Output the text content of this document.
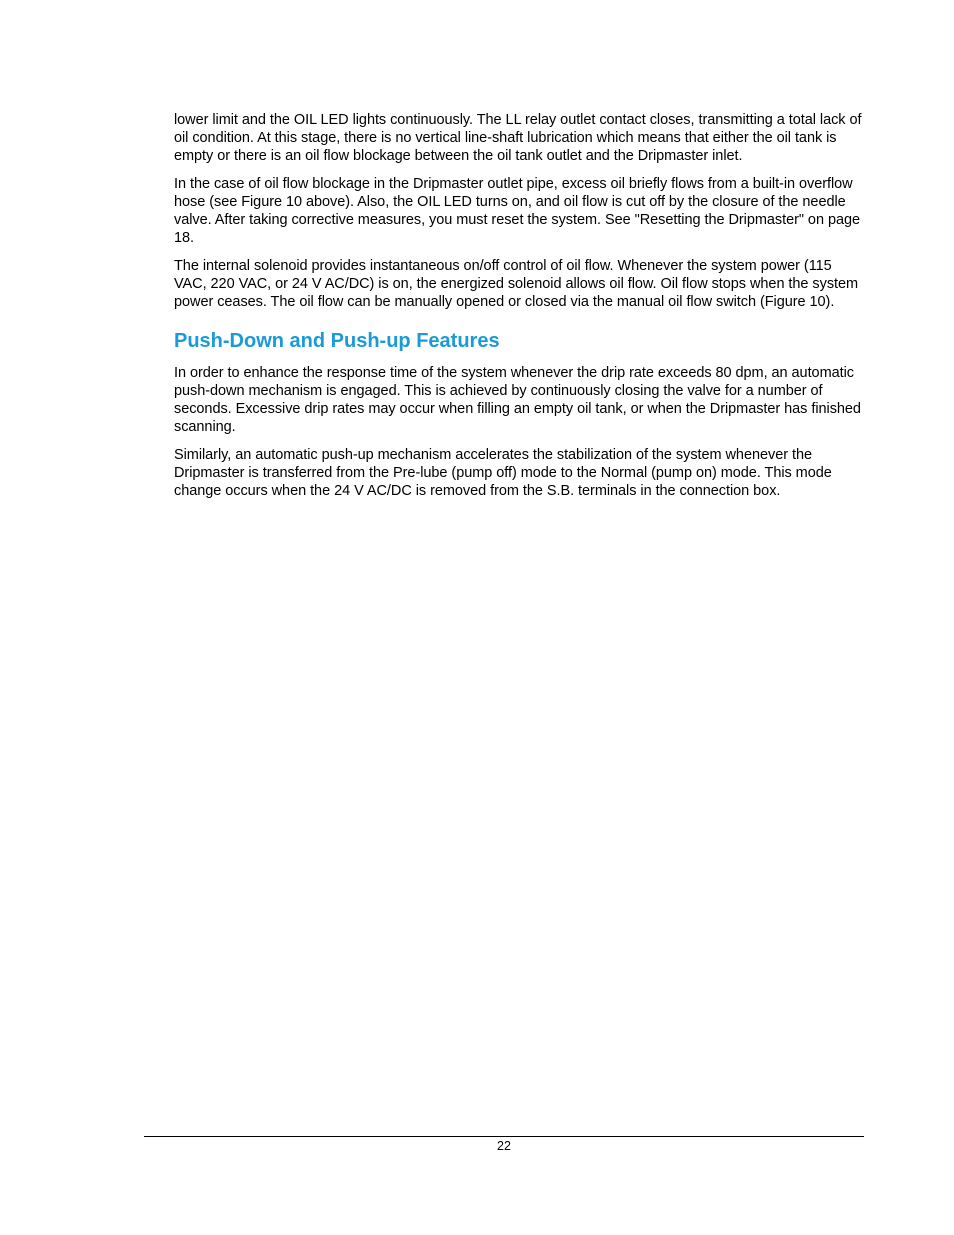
lower limit and the OIL LED lights continuously. The LL relay outlet contact closes, transmitting a total lack of oil condition. At this stage, there is no vertical line-shaft lubrication which means that either the oil tank is empty or there is an oil flow blockage between the oil tank outlet and the Dripmaster inlet.

In the case of oil flow blockage in the Dripmaster outlet pipe, excess oil briefly flows from a built-in overflow hose (see Figure 10 above). Also, the OIL LED turns on, and oil flow is cut off by the closure of the needle valve. After taking corrective measures, you must reset the system. See "Resetting the Dripmaster" on page 18.

The internal solenoid provides instantaneous on/off control of oil flow. Whenever the system power (115 VAC, 220 VAC, or 24 V AC/DC) is on, the energized solenoid allows oil flow. Oil flow stops when the system power ceases. The oil flow can be manually opened or closed via the manual oil flow switch (Figure 10).

Push-Down and Push-up Features

In order to enhance the response time of the system whenever the drip rate exceeds 80 dpm, an automatic push-down mechanism is engaged. This is achieved by continuously closing the valve for a number of seconds. Excessive drip rates may occur when filling an empty oil tank, or when the Dripmaster has finished scanning.

Similarly, an automatic push-up mechanism accelerates the stabilization of the system whenever the Dripmaster is transferred from the Pre-lube (pump off) mode to the Normal (pump on) mode. This mode change occurs when the 24 V AC/DC is removed from the S.B. terminals in the connection box.

22
